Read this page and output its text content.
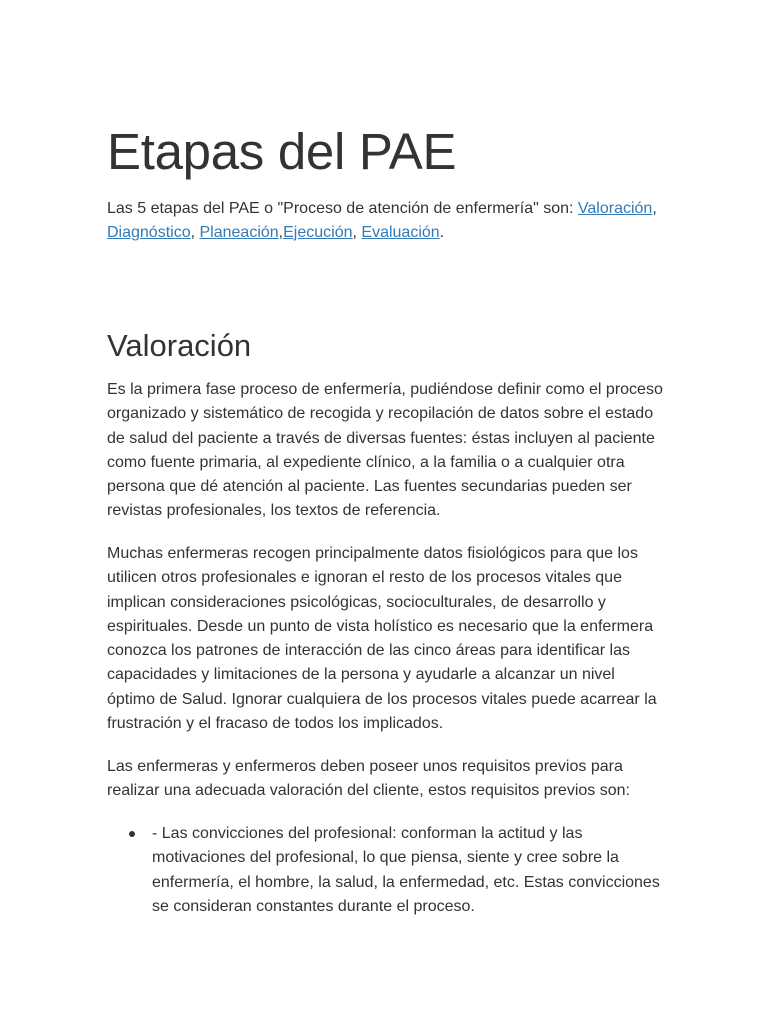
Etapas del PAE

Las 5 etapas del PAE o "Proceso de atención de enfermería" son: Valoración, Diagnóstico, Planeación,Ejecución, Evaluación.

Valoración

Es la primera fase proceso de enfermería, pudiéndose definir como el proceso organizado y sistemático de recogida y recopilación de datos sobre el estado de salud del paciente a través de diversas fuentes: éstas incluyen al paciente como fuente primaria, al expediente clínico, a la familia o a cualquier otra persona que dé atención al paciente. Las fuentes secundarias pueden ser revistas profesionales, los textos de referencia.

Muchas enfermeras recogen principalmente datos fisiológicos para que los utilicen otros profesionales e ignoran el resto de los procesos vitales que implican consideraciones psicológicas, socioculturales, de desarrollo y espirituales. Desde un punto de vista holístico es necesario que la enfermera conozca los patrones de interacción de las cinco áreas para identificar las capacidades y limitaciones de la persona y ayudarle a alcanzar un nivel óptimo de Salud. Ignorar cualquiera de los procesos vitales puede acarrear la frustración y el fracaso de todos los implicados.

Las enfermeras y enfermeros deben poseer unos requisitos previos para realizar una adecuada valoración del cliente, estos requisitos previos son:

- Las convicciones del profesional: conforman la actitud y las motivaciones del profesional, lo que piensa, siente y cree sobre la enfermería, el hombre, la salud, la enfermedad, etc. Estas convicciones se consideran constantes durante el proceso.
